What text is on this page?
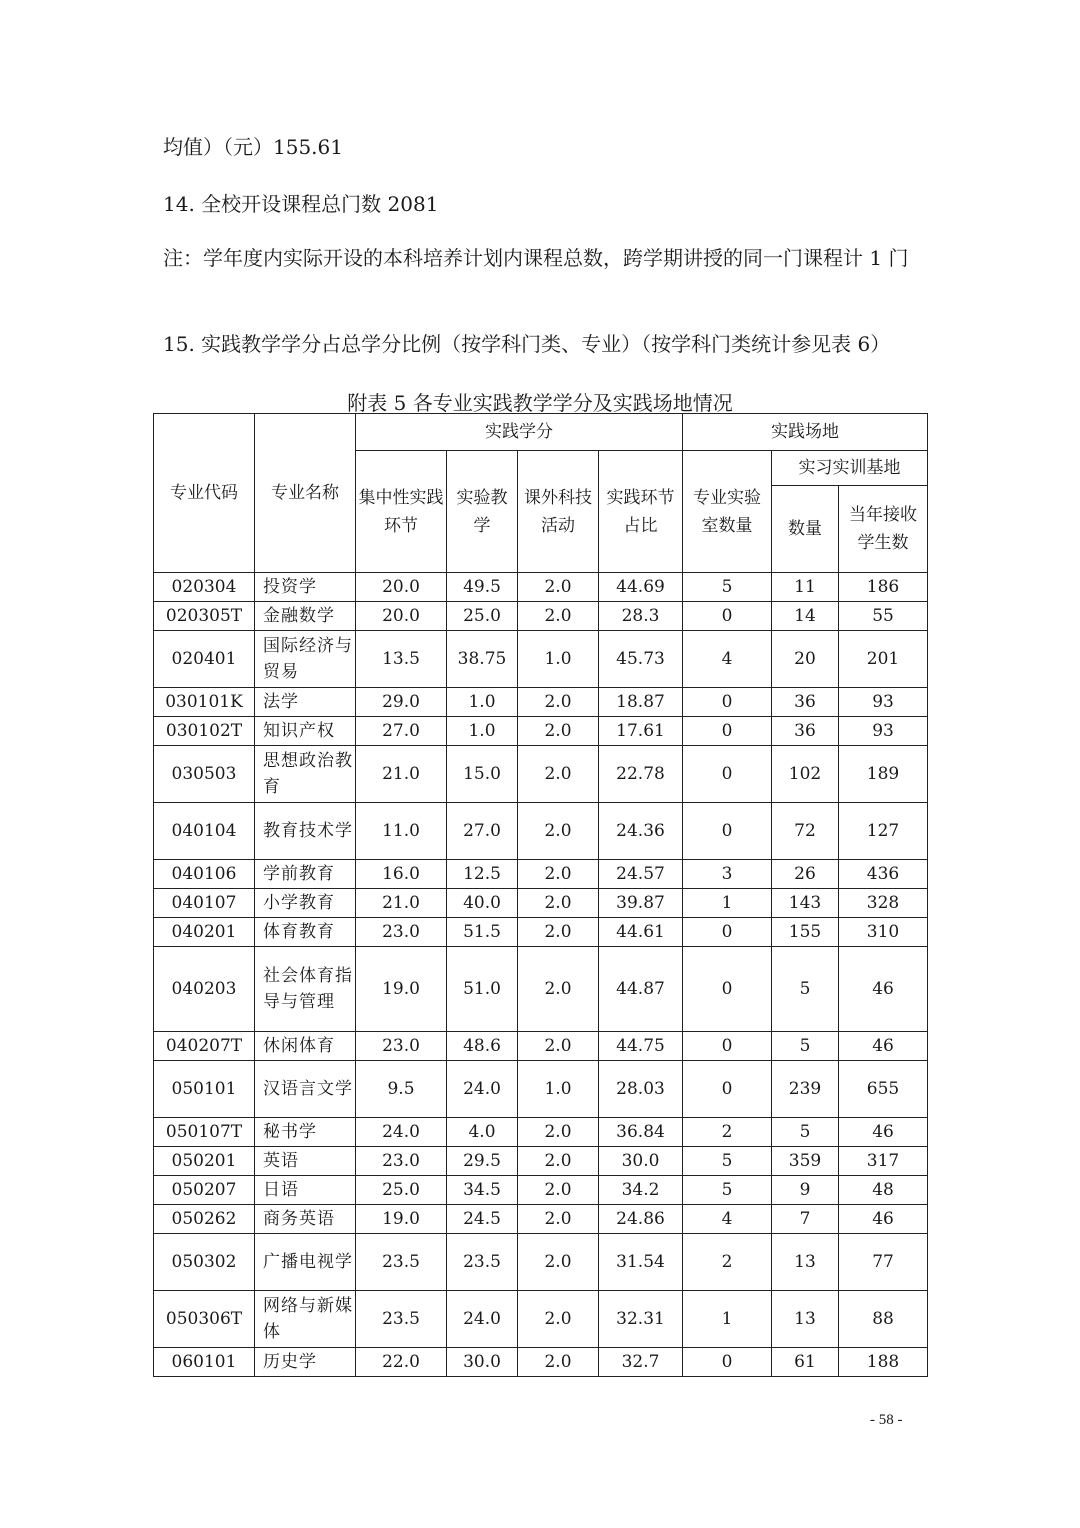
均值）（元）155.61
14. 全校开设课程总门数 2081
注：学年度内实际开设的本科培养计划内课程总数，跨学期讲授的同一门课程计 1 门
15. 实践教学学分占总学分比例（按学科门类、专业）（按学科门类统计参见表 6）
附表 5 各专业实践教学学分及实践场地情况
专业代码	专业名称	实践学分				实践场地		
		集中性实践环节	实验教学	课外科技活动	实践环节占比	专业实验室数量	实习实训基地	
							数量	当年接收学生数
020304	投资学	20.0	49.5	2.0	44.69	5	11	186
020305T	金融数学	20.0	25.0	2.0	28.3	0	14	55
020401	国际经济与贸易	13.5	38.75	1.0	45.73	4	20	201
030101K	法学	29.0	1.0	2.0	18.87	0	36	93
030102T	知识产权	27.0	1.0	2.0	17.61	0	36	93
030503	思想政治教育	21.0	15.0	2.0	22.78	0	102	189
040104	教育技术学	11.0	27.0	2.0	24.36	0	72	127
040106	学前教育	16.0	12.5	2.0	24.57	3	26	436
040107	小学教育	21.0	40.0	2.0	39.87	1	143	328
040201	体育教育	23.0	51.5	2.0	44.61	0	155	310
040203	社会体育指导与管理	19.0	51.0	2.0	44.87	0	5	46
040207T	休闲体育	23.0	48.6	2.0	44.75	0	5	46
050101	汉语言文学	9.5	24.0	1.0	28.03	0	239	655
050107T	秘书学	24.0	4.0	2.0	36.84	2	5	46
050201	英语	23.0	29.5	2.0	30.0	5	359	317
050207	日语	25.0	34.5	2.0	34.2	5	9	48
050262	商务英语	19.0	24.5	2.0	24.86	4	7	46
050302	广播电视学	23.5	23.5	2.0	31.54	2	13	77
050306T	网络与新媒体	23.5	24.0	2.0	32.31	1	13	88
060101	历史学	22.0	30.0	2.0	32.7	0	61	188
- 58 -
